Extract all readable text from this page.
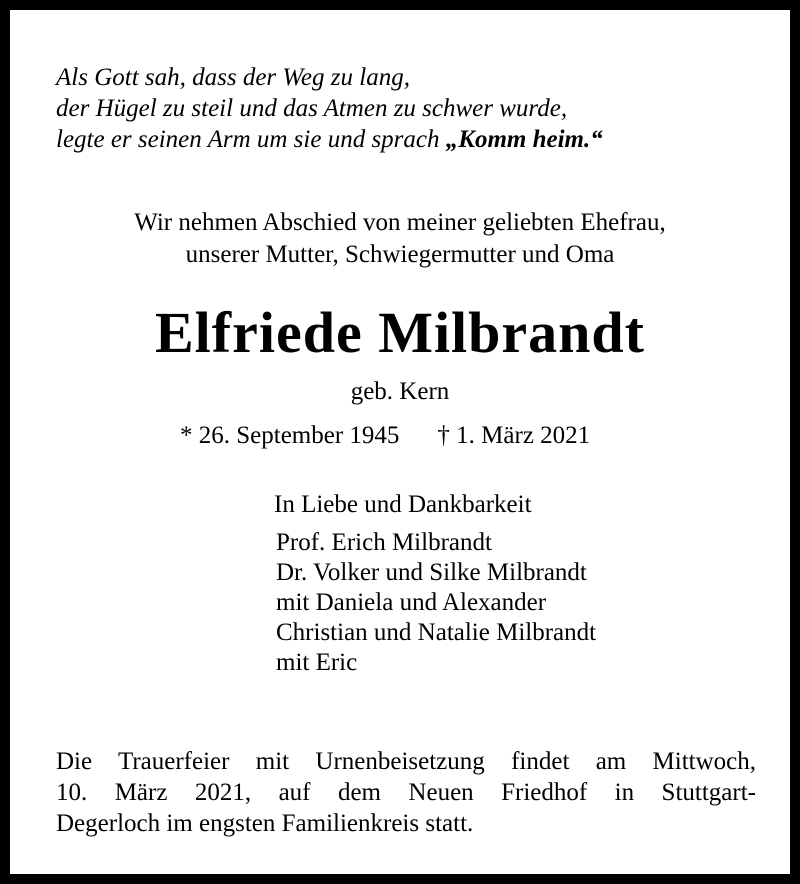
Als Gott sah, dass der Weg zu lang,
der Hügel zu steil und das Atmen zu schwer wurde,
legte er seinen Arm um sie und sprach „Komm heim.“
Wir nehmen Abschied von meiner geliebten Ehefrau,
unserer Mutter, Schwiegermutter und Oma
Elfriede Milbrandt
geb. Kern
* 26. September 1945 † 1. März 2021
In Liebe und Dankbarkeit
Prof. Erich Milbrandt
Dr. Volker und Silke Milbrandt
mit Daniela und Alexander
Christian und Natalie Milbrandt
mit Eric
Die Trauerfeier mit Urnenbeisetzung findet am Mittwoch,
10. März 2021, auf dem Neuen Friedhof in Stuttgart-
Degerloch im engsten Familienkreis statt.
